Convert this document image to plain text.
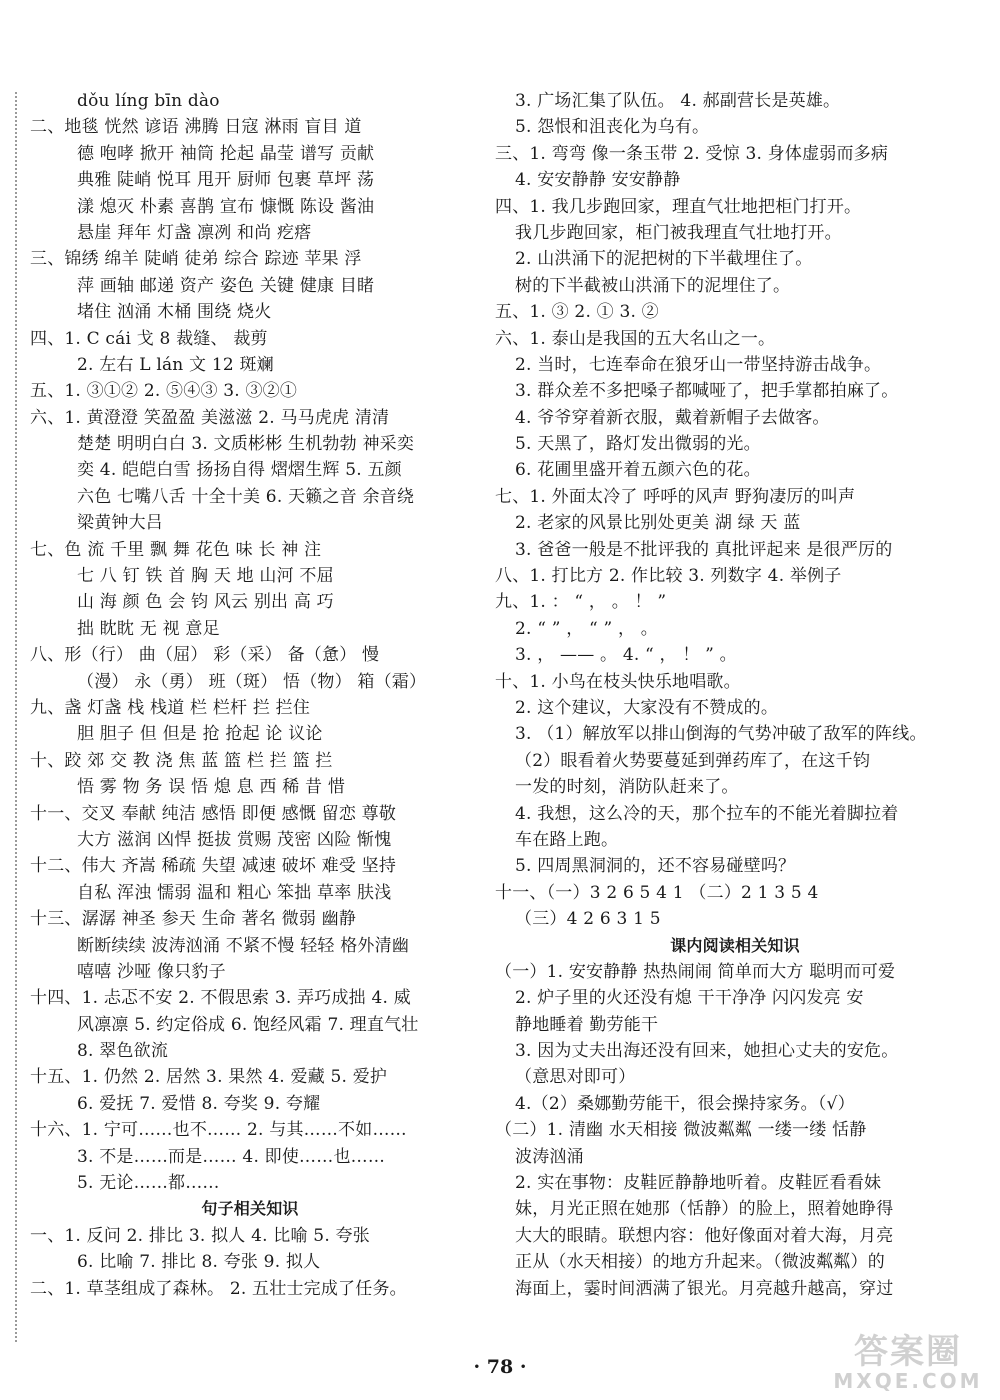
dǒu líng bīn dào
二、地毯 恍然 谚语 沸腾 日寇 淋雨 盲目 道
德 咆哮 掀开 袖筒 抡起 晶莹 谱写 贡献
典雅 陡峭 悦耳 甩开 厨师 包裹 草坪 荡
漾 熄灭 朴素 喜鹊 宣布 慷慨 陈设 酱油
悬崖 拜年 灯盏 凛冽 和尚 疙瘩
三、锦绣 绵羊 陡峭 徒弟 综合 踪迹 苹果 浮
萍 画轴 邮递 资产 姿色 关键 健康 目睹
堵住 汹涌 木桶 围绕 烧火
四、1. C cái 戈 8 裁缝、 裁剪
2. 左右 L lán 文 12 斑斓
五、1. ③①② 2. ⑤④③ 3. ③②①
六、1. 黄澄澄 笑盈盈 美滋滋 2. 马马虎虎 清清
楚楚 明明白白 3. 文质彬彬 生机勃勃 神采奕
奕 4. 皑皑白雪 扬扬自得 熠熠生辉 5. 五颜
六色 七嘴八舌 十全十美 6. 天籁之音 余音绕
梁黄钟大吕
七、色 流 千里 飘 舞 花色 味 长 神 注
七 八 钉 铁 首 胸 天 地 山河 不屈
山 海 颜 色 会 钧 风云 别出 高 巧
拙 眈眈 无 视 意足
八、形（行） 曲（屈） 彩（采） 备（惫） 慢
（漫） 永（勇） 班（斑） 悟（物） 箱（霜）
九、盏 灯盏 栈 栈道 栏 栏杆 拦 拦住
胆 胆子 但 但是 抢 抢起 论 议论
十、跤 郊 交 教 浇 焦 蓝 篮 栏 拦 篮 拦
悟 雾 物 务 误 悟 熄 息 西 稀 昔 惜
十一、交叉 奉献 纯洁 感悟 即便 感慨 留恋 尊敬
大方 滋润 凶悍 挺拔 赏赐 茂密 凶险 惭愧
十二、伟大 齐嵩 稀疏 失望 减速 破坏 难受 坚持
自私 浑浊 懦弱 温和 粗心 笨拙 草率 肤浅
十三、潺潺 神圣 参天 生命 著名 微弱 幽静
断断续续 波涛汹涌 不紧不慢 轻轻 格外清幽
嘻嘻 沙哑 像只豹子
十四、1. 忐忑不安 2. 不假思索 3. 弄巧成拙 4. 威
风凛凛 5. 约定俗成 6. 饱经风霜 7. 理直气壮
8. 翠色欲流
十五、1. 仍然 2. 居然 3. 果然 4. 爱藏 5. 爱护
6. 爱抚 7. 爱惜 8. 夸奖 9. 夸耀
十六、1. 宁可……也不…… 2. 与其……不如……
3. 不是……而是…… 4. 即使……也……
5. 无论……都……
句子相关知识
一、1. 反问 2. 排比 3. 拟人 4. 比喻 5. 夸张
6. 比喻 7. 排比 8. 夸张 9. 拟人
二、1. 草茎组成了森林。 2. 五壮士完成了任务。
3. 广场汇集了队伍。 4. 郝副营长是英雄。
5. 怨恨和沮丧化为乌有。
三、1. 弯弯 像一条玉带 2. 受惊 3. 身体虚弱而多病
4. 安安静静 安安静静
四、1. 我几步跑回家，理直气壮地把柜门打开。
我几步跑回家，柜门被我理直气壮地打开。
2. 山洪涌下的泥把树的下半截埋住了。
树的下半截被山洪涌下的泥埋住了。
五、1. ③ 2. ① 3. ②
六、1. 泰山是我国的五大名山之一。
2. 当时，七连奉命在狼牙山一带坚持游击战争。
3. 群众差不多把嗓子都喊哑了，把手掌都拍麻了。
4. 爷爷穿着新衣服，戴着新帽子去做客。
5. 天黑了，路灯发出微弱的光。
6. 花圃里盛开着五颜六色的花。
七、1. 外面太冷了 呼呼的风声 野狗凄厉的叫声
2. 老家的风景比别处更美 湖 绿 天 蓝
3. 爸爸一般是不批评我的 真批评起来 是很严厉的
八、1. 打比方 2. 作比较 3. 列数字 4. 举例子
九、1. ： “ ， 。 ！ ”
2. “ ” ， “ ” ， 。
3. ， —— 。 4. “ ， ！ ” 。
十、1. 小鸟在枝头快乐地唱歌。
2. 这个建议，大家没有不赞成的。
3. （1）解放军以排山倒海的气势冲破了敌军的阵线。
（2）眼看着火势要蔓延到弹药库了，在这千钧
一发的时刻，消防队赶来了。
4. 我想，这么冷的天，那个拉车的不能光着脚拉着
车在路上跑。
5. 四周黑洞洞的，还不容易碰壁吗？
十一、（一）3 2 6 5 4 1 （二）2 1 3 5 4
（三）4 2 6 3 1 5
课内阅读相关知识
（一）1. 安安静静 热热闹闹 简单而大方 聪明而可爱
2. 炉子里的火还没有熄 干干净净 闪闪发亮 安
静地睡着 勤劳能干
3. 因为丈夫出海还没有回来，她担心丈夫的安危。
（意思对即可）
4.（2）桑娜勤劳能干，很会操持家务。（√）
（二）1. 清幽 水天相接 微波粼粼 一缕一缕 恬静
波涛汹涌
2. 实在事物：皮鞋匠静静地听着。皮鞋匠看看妹
妹，月光正照在她那（恬静）的脸上，照着她睁得
大大的眼睛。联想内容：他好像面对着大海，月亮
正从（水天相接）的地方升起来。（微波粼粼）的
海面上，霎时间洒满了银光。月亮越升越高，穿过
· 78 ·	答案圈
MXQE.COM
